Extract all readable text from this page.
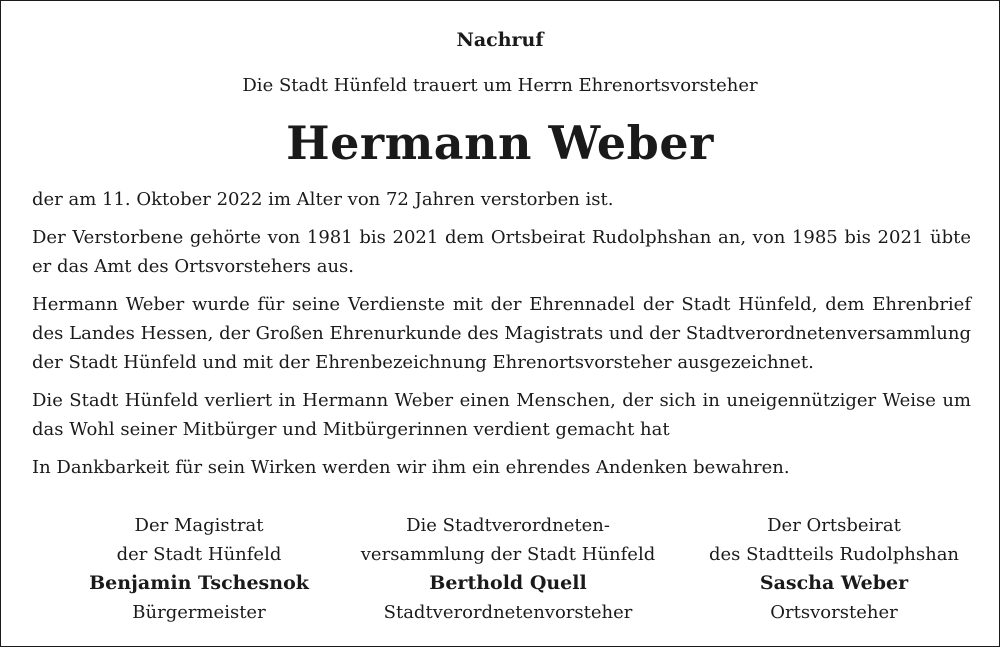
Nachruf
Die Stadt Hünfeld trauert um Herrn Ehrenortsvorsteher
Hermann Weber

der am 11. Oktober 2022 im Alter von 72 Jahren verstorben ist.

Der Verstorbene gehörte von 1981 bis 2021 dem Ortsbeirat Rudolphshan an, von 1985 bis 2021 übte er das Amt des Ortsvorstehers aus.

Hermann Weber wurde für seine Verdienste mit der Ehrennadel der Stadt Hünfeld, dem Ehrenbrief des Landes Hessen, der Großen Ehrenurkunde des Magistrats und der Stadtverordnetenversammlung der Stadt Hünfeld und mit der Ehrenbezeichnung Ehrenortsvorsteher ausgezeichnet.

Die Stadt Hünfeld verliert in Hermann Weber einen Menschen, der sich in uneigennütziger Weise um das Wohl seiner Mitbürger und Mitbürgerinnen verdient gemacht hat

In Dankbarkeit für sein Wirken werden wir ihm ein ehrendes Andenken bewahren.

Der Magistrat
der Stadt Hünfeld
Benjamin Tschesnok
Bürgermeister
Die Stadtverordneten-
versammlung der Stadt Hünfeld
Berthold Quell
Stadtverordnetenvorsteher
Der Ortsbeirat
des Stadtteils Rudolphshan
Sascha Weber
Ortsvorsteher
